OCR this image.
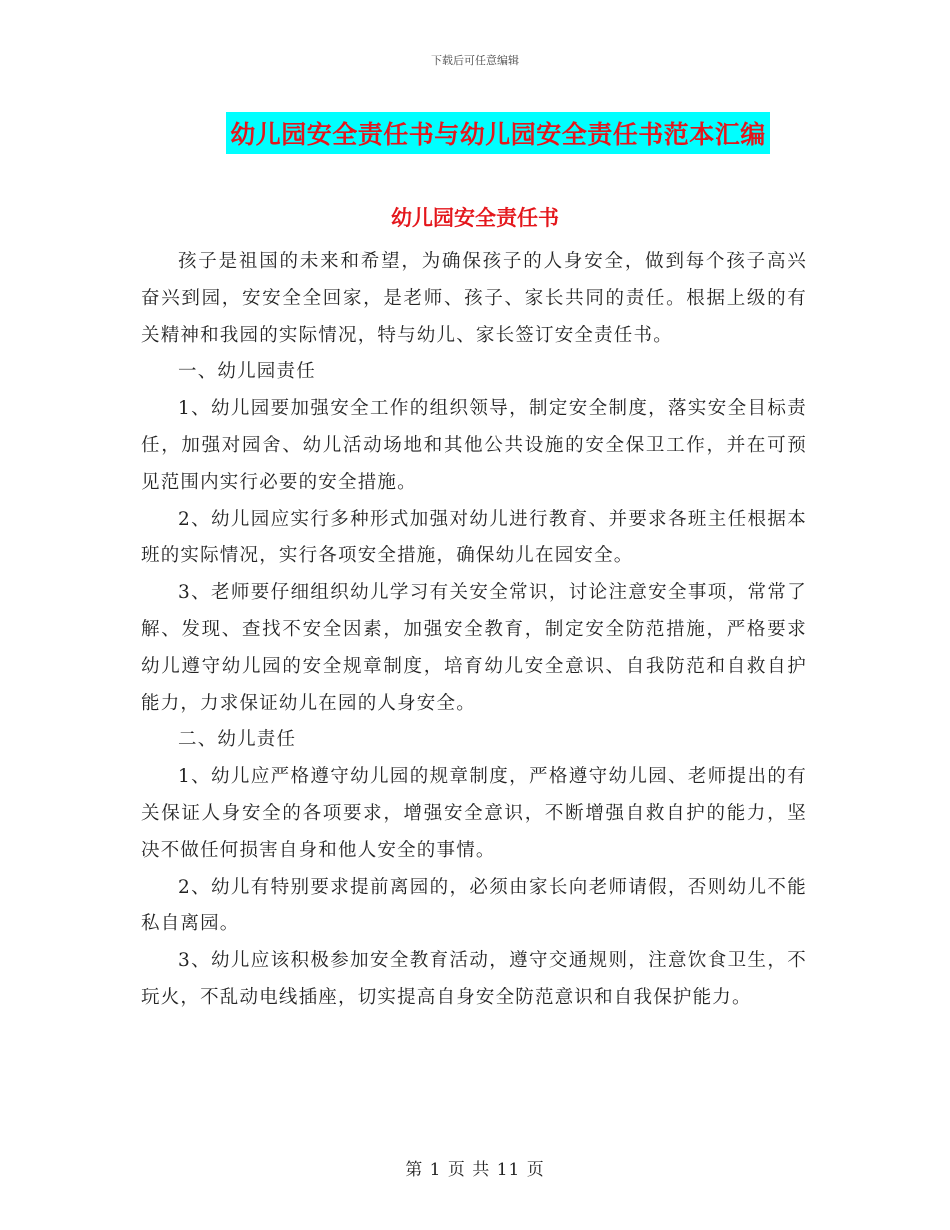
下载后可任意编辑
幼儿园安全责任书与幼儿园安全责任书范本汇编
幼儿园安全责任书

孩子是祖国的未来和希望，为确保孩子的人身安全，做到每个孩子高兴奋兴到园，安安全全回家，是老师、孩子、家长共同的责任。根据上级的有关精神和我园的实际情况，特与幼儿、家长签订安全责任书。

一、幼儿园责任

1、幼儿园要加强安全工作的组织领导，制定安全制度，落实安全目标责任，加强对园舍、幼儿活动场地和其他公共设施的安全保卫工作，并在可预见范围内实行必要的安全措施。

2、幼儿园应实行多种形式加强对幼儿进行教育、并要求各班主任根据本班的实际情况，实行各项安全措施，确保幼儿在园安全。

3、老师要仔细组织幼儿学习有关安全常识，讨论注意安全事项，常常了解、发现、查找不安全因素，加强安全教育，制定安全防范措施，严格要求幼儿遵守幼儿园的安全规章制度，培育幼儿安全意识、自我防范和自救自护能力，力求保证幼儿在园的人身安全。

二、幼儿责任

1、幼儿应严格遵守幼儿园的规章制度，严格遵守幼儿园、老师提出的有关保证人身安全的各项要求，增强安全意识，不断增强自救自护的能力，坚决不做任何损害自身和他人安全的事情。

2、幼儿有特别要求提前离园的，必须由家长向老师请假，否则幼儿不能私自离园。

3、幼儿应该积极参加安全教育活动，遵守交通规则，注意饮食卫生，不玩火，不乱动电线插座，切实提高自身安全防范意识和自我保护能力。

第 1 页 共 11 页
